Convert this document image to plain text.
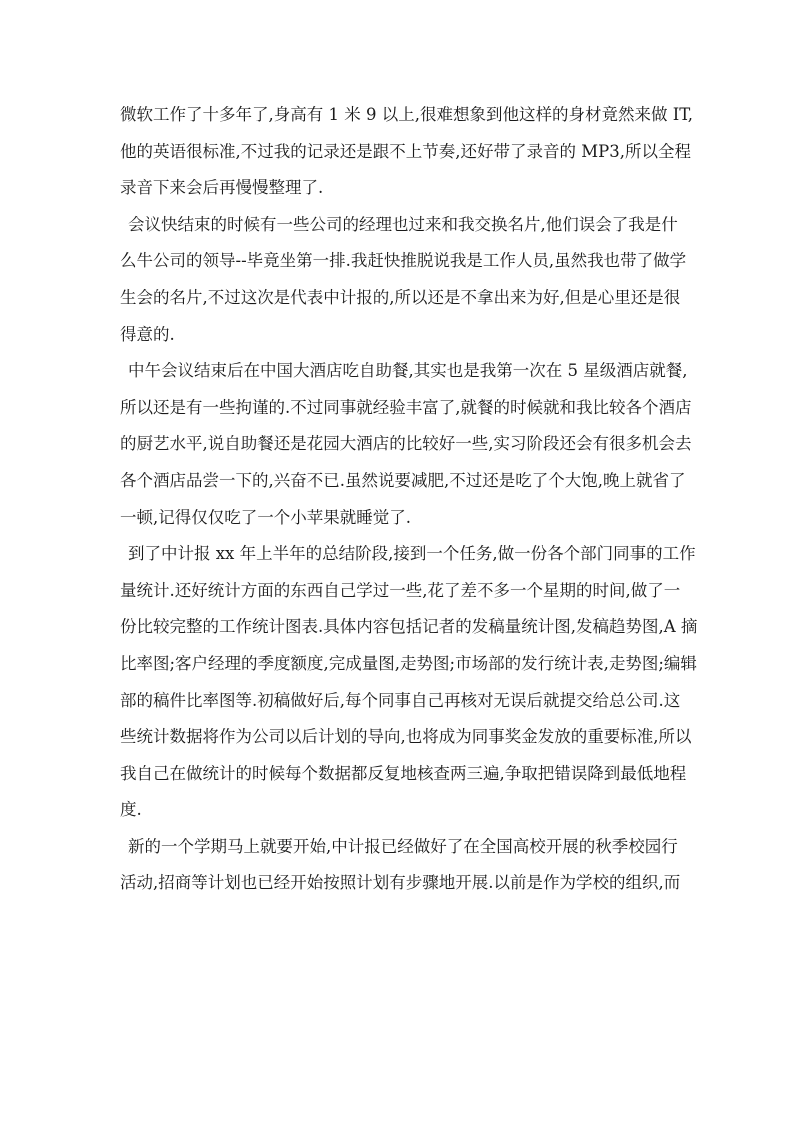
微软工作了十多年了,身高有 1 米 9 以上,很难想象到他这样的身材竟然来做 IT,
他的英语很标准,不过我的记录还是跟不上节奏,还好带了录音的 MP3,所以全程
录音下来会后再慢慢整理了.
会议快结束的时候有一些公司的经理也过来和我交换名片,他们误会了我是什
么牛公司的领导--毕竟坐第一排.我赶快推脱说我是工作人员,虽然我也带了做学
生会的名片,不过这次是代表中计报的,所以还是不拿出来为好,但是心里还是很
得意的.
中午会议结束后在中国大酒店吃自助餐,其实也是我第一次在 5 星级酒店就餐,
所以还是有一些拘谨的.不过同事就经验丰富了,就餐的时候就和我比较各个酒店
的厨艺水平,说自助餐还是花园大酒店的比较好一些,实习阶段还会有很多机会去
各个酒店品尝一下的,兴奋不已.虽然说要减肥,不过还是吃了个大饱,晚上就省了
一顿,记得仅仅吃了一个小苹果就睡觉了.
到了中计报 xx 年上半年的总结阶段,接到一个任务,做一份各个部门同事的工作
量统计.还好统计方面的东西自己学过一些,花了差不多一个星期的时间,做了一
份比较完整的工作统计图表.具体内容包括记者的发稿量统计图,发稿趋势图,A 摘
比率图;客户经理的季度额度,完成量图,走势图;市场部的发行统计表,走势图;编辑
部的稿件比率图等.初稿做好后,每个同事自己再核对无误后就提交给总公司.这
些统计数据将作为公司以后计划的导向,也将成为同事奖金发放的重要标准,所以
我自己在做统计的时候每个数据都反复地核查两三遍,争取把错误降到最低地程
度.
新的一个学期马上就要开始,中计报已经做好了在全国高校开展的秋季校园行
活动,招商等计划也已经开始按照计划有步骤地开展.以前是作为学校的组织,而
